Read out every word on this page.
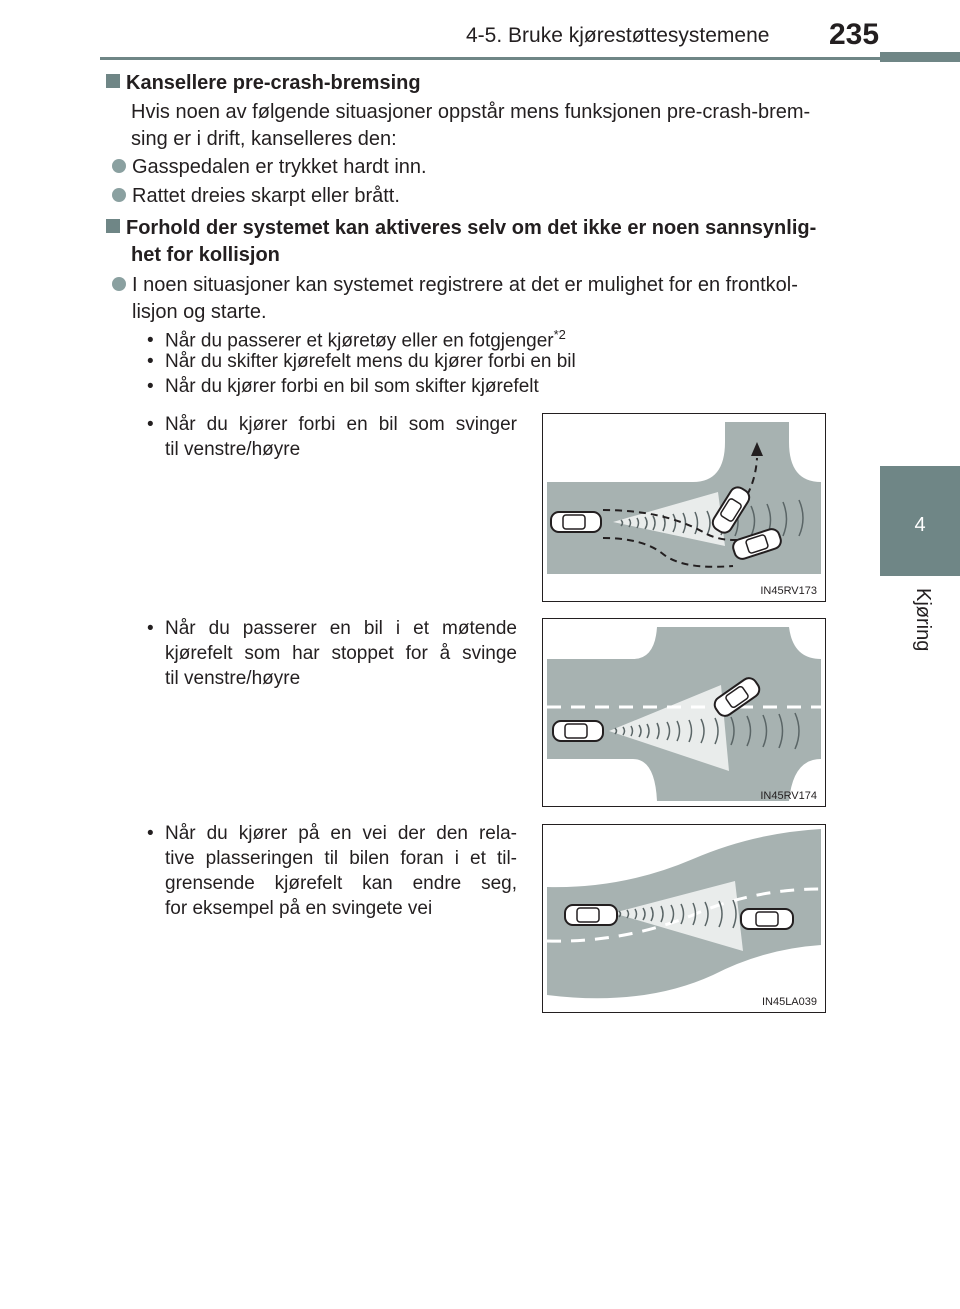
4-5. Bruke kjørestøttesystemene 235
4
Kjøring
Kansellere pre-crash-bremsing
Hvis noen av følgende situasjoner oppstår mens funksjonen pre-crash-brem-
sing er i drift, kanselleres den:
Gasspedalen er trykket hardt inn.
Rattet dreies skarpt eller brått.
Forhold der systemet kan aktiveres selv om det ikke er noen sannsynlig-
het for kollisjon
I noen situasjoner kan systemet registrere at det er mulighet for en frontkol-
lisjon og starte.
• Når du passerer et kjøretøy eller en fotgjenger$^{*2}$
• Når du skifter kjørefelt mens du kjører forbi en bil
• Når du kjører forbi en bil som skifter kjørefelt
• Når du kjører forbi en bil som svinger
til venstre/høyre
IN45RV173
• Når du passerer en bil i et møtende
kjørefelt som har stoppet for å svinge
til venstre/høyre
IN45RV174
• Når du kjører på en vei der den rela-
tive plasseringen til bilen foran i et til-
grensende kjørefelt kan endre seg,
for eksempel på en svingete vei
IN45LA039
